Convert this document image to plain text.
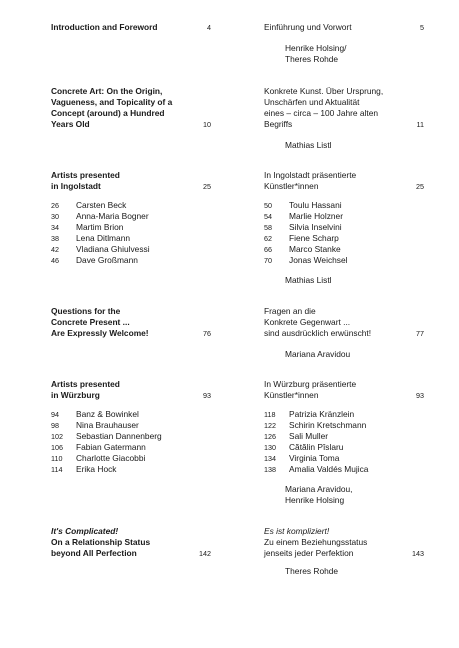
Introduction and Foreword	4
Concrete Art: On the Origin,
Vagueness, and Topicality of a
Concept (around) a Hundred
Years Old	10
Artists presented
in Ingolstadt	25
26 Carsten Beck
30 Anna-Maria Bogner
34 Martim Brion
38 Lena Ditlmann
42 Vladiana Ghiulvessi
46 Dave Großmann
Questions for the
Concrete Present ...
Are Expressly Welcome!	76
Artists presented
in Würzburg	93
94 Banz & Bowinkel
98 Nina Brauhauser
102 Sebastian Dannenberg
106 Fabian Gatermann
110 Charlotte Giacobbi
114 Erika Hock
It's Complicated!
On a Relationship Status
beyond All Perfection	142
Einführung und Vorwort	5
Henrike Holsing/
Theres Rohde
Konkrete Kunst. Über Ursprung,
Unschärfen und Aktualität
eines – circa – 100 Jahre alten
Begriffs	11
Mathias Listl
In Ingolstadt präsentierte
Künstler*innen	25
50 Toulu Hassani
54 Marlie Holzner
58 Silvia Inselvini
62 Fiene Scharp
66 Marco Stanke
70 Jonas Weichsel
Mathias Listl
Fragen an die
Konkrete Gegenwart ...
sind ausdrücklich erwünscht!	77
Mariana Aravidou
In Würzburg präsentierte
Künstler*innen	93
118 Patrizia Kränzlein
122 Schirin Kretschmann
126 Sali Muller
130 Cătălin Pîslaru
134 Virginia Toma
138 Amalia Valdés Mujica
Mariana Aravidou,
Henrike Holsing
Es ist kompliziert!
Zu einem Beziehungsstatus
jenseits jeder Perfektion	143
Theres Rohde
